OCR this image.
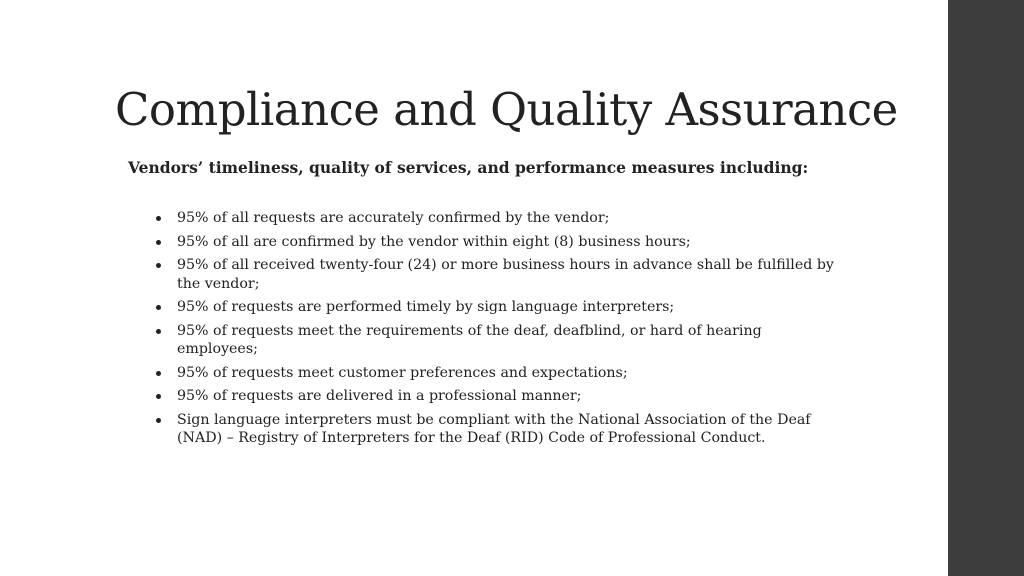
Compliance and Quality Assurance

Vendors’ timeliness, quality of services, and performance measures including:

95% of all requests are accurately confirmed by the vendor;
95% of all are confirmed by the vendor within eight (8) business hours;
95% of all received twenty-four (24) or more business hours in advance shall be fulfilled by the vendor;
95% of requests are performed timely by sign language interpreters;
95% of requests meet the requirements of the deaf, deafblind, or hard of hearing employees;
95% of requests meet customer preferences and expectations;
95% of requests are delivered in a professional manner;
Sign language interpreters must be compliant with the National Association of the Deaf (NAD) – Registry of Interpreters for the Deaf (RID) Code of Professional Conduct.
